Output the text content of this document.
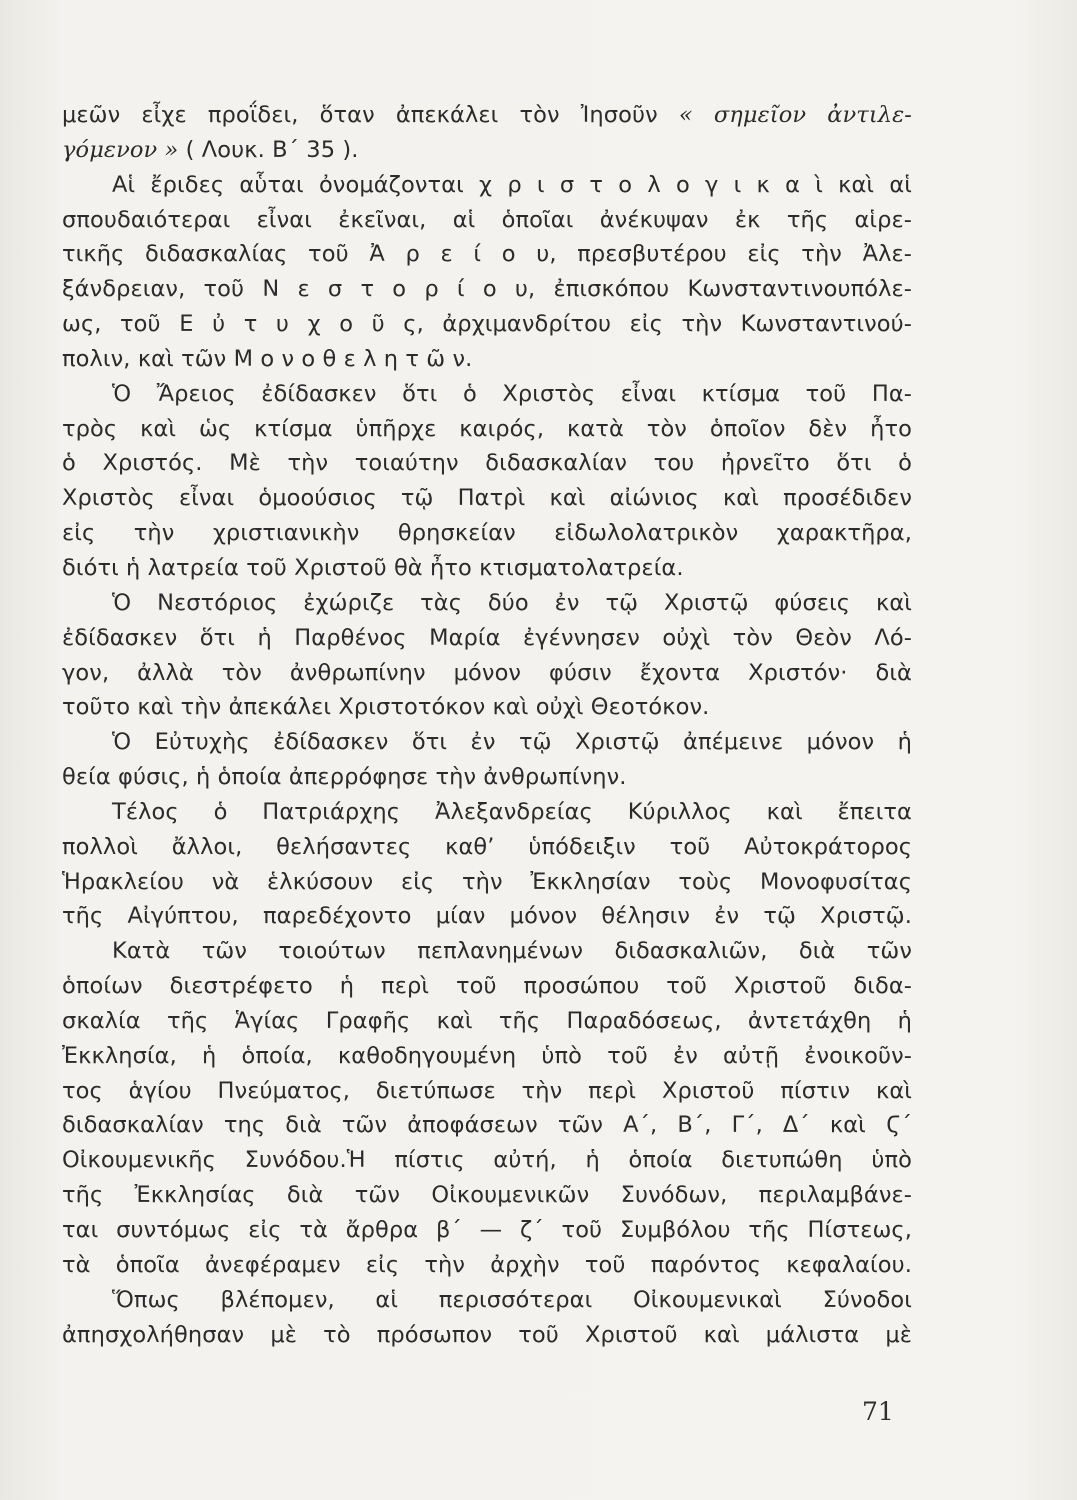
μεῶν εἶχε προΐδει, ὅταν ἀπεκάλει τὸν Ἰησοῦν « σημεῖον ἀντιλε-
γόμενον » ( Λουκ. Β΄ 35 ).
Αἱ ἔριδες αὗται ὀνομάζονται χ ρ ι σ τ ο λ ο γ ι κ α ὶ καὶ αἱ
σπουδαιότεραι εἶναι ἐκεῖναι, αἱ ὁποῖαι ἀνέκυψαν ἐκ τῆς αἱρε-
τικῆς διδασκαλίας τοῦ Ἀ ρ ε ί ο υ, πρεσβυτέρου εἰς τὴν Ἀλε-
ξάνδρειαν, τοῦ Ν ε σ τ ο ρ ί ο υ, ἐπισκόπου Κωνσταντινουπόλε-
ως, τοῦ Ε ὐ τ υ χ ο ῦ ς, ἀρχιμανδρίτου εἰς τὴν Κωνσταντινού-
πολιν, καὶ τῶν Μ ο ν ο θ ε λ η τ ῶ ν.
Ὁ Ἄρειος ἐδίδασκεν ὅτι ὁ Χριστὸς εἶναι κτίσμα τοῦ Πα-
τρὸς καὶ ὡς κτίσμα ὑπῆρχε καιρός, κατὰ τὸν ὁποῖον δὲν ἦτο
ὁ Χριστός. Μὲ τὴν τοιαύτην διδασκαλίαν του ἠρνεῖτο ὅτι ὁ
Χριστὸς εἶναι ὁμοούσιος τῷ Πατρὶ καὶ αἰώνιος καὶ προσέδιδεν
εἰς τὴν χριστιανικὴν θρησκείαν εἰδωλολατρικὸν χαρακτῆρα,
διότι ἡ λατρεία τοῦ Χριστοῦ θὰ ἦτο κτισματολατρεία.
Ὁ Νεστόριος ἐχώριζε τὰς δύο ἐν τῷ Χριστῷ φύσεις καὶ
ἐδίδασκεν ὅτι ἡ Παρθένος Μαρία ἐγέννησεν οὐχὶ τὸν Θεὸν Λό-
γον, ἀλλὰ τὸν ἀνθρωπίνην μόνον φύσιν ἔχοντα Χριστόν· διὰ
τοῦτο καὶ τὴν ἀπεκάλει Χριστοτόκον καὶ οὐχὶ Θεοτόκον.
Ὁ Εὐτυχὴς ἐδίδασκεν ὅτι ἐν τῷ Χριστῷ ἀπέμεινε μόνον ἡ
θεία φύσις, ἡ ὁποία ἀπερρόφησε τὴν ἀνθρωπίνην.
Τέλος ὁ Πατριάρχης Ἀλεξανδρείας Κύριλλος καὶ ἔπειτα
πολλοὶ ἄλλοι, θελήσαντες καθ’ ὑπόδειξιν τοῦ Αὐτοκράτορος
Ἡρακλείου νὰ ἑλκύσουν εἰς τὴν Ἐκκλησίαν τοὺς Μονοφυσίτας
τῆς Αἰγύπτου, παρεδέχοντο μίαν μόνον θέλησιν ἐν τῷ Χριστῷ.
Κατὰ τῶν τοιούτων πεπλανημένων διδασκαλιῶν, διὰ τῶν
ὁποίων διεστρέφετο ἡ περὶ τοῦ προσώπου τοῦ Χριστοῦ διδα-
σκαλία τῆς Ἁγίας Γραφῆς καὶ τῆς Παραδόσεως, ἀντετάχθη ἡ
Ἐκκλησία, ἡ ὁποία, καθοδηγουμένη ὑπὸ τοῦ ἐν αὐτῇ ἐνοικοῦν-
τος ἁγίου Πνεύματος, διετύπωσε τὴν περὶ Χριστοῦ πίστιν καὶ
διδασκαλίαν της διὰ τῶν ἀποφάσεων τῶν Α΄, Β΄, Γ΄, Δ΄ καὶ Ϛ΄
Οἰκουμενικῆς Συνόδου.Ἡ πίστις αὐτή, ἡ ὁποία διετυπώθη ὑπὸ
τῆς Ἐκκλησίας διὰ τῶν Οἰκουμενικῶν Συνόδων, περιλαμβάνε-
ται συντόμως εἰς τὰ ἄρθρα β΄ — ζ΄ τοῦ Συμβόλου τῆς Πίστεως,
τὰ ὁποῖα ἀνεφέραμεν εἰς τὴν ἀρχὴν τοῦ παρόντος κεφαλαίου.
Ὅπως βλέπομεν, αἱ περισσότεραι Οἰκουμενικαὶ Σύνοδοι
ἀπησχολήθησαν μὲ τὸ πρόσωπον τοῦ Χριστοῦ καὶ μάλιστα μὲ
71
